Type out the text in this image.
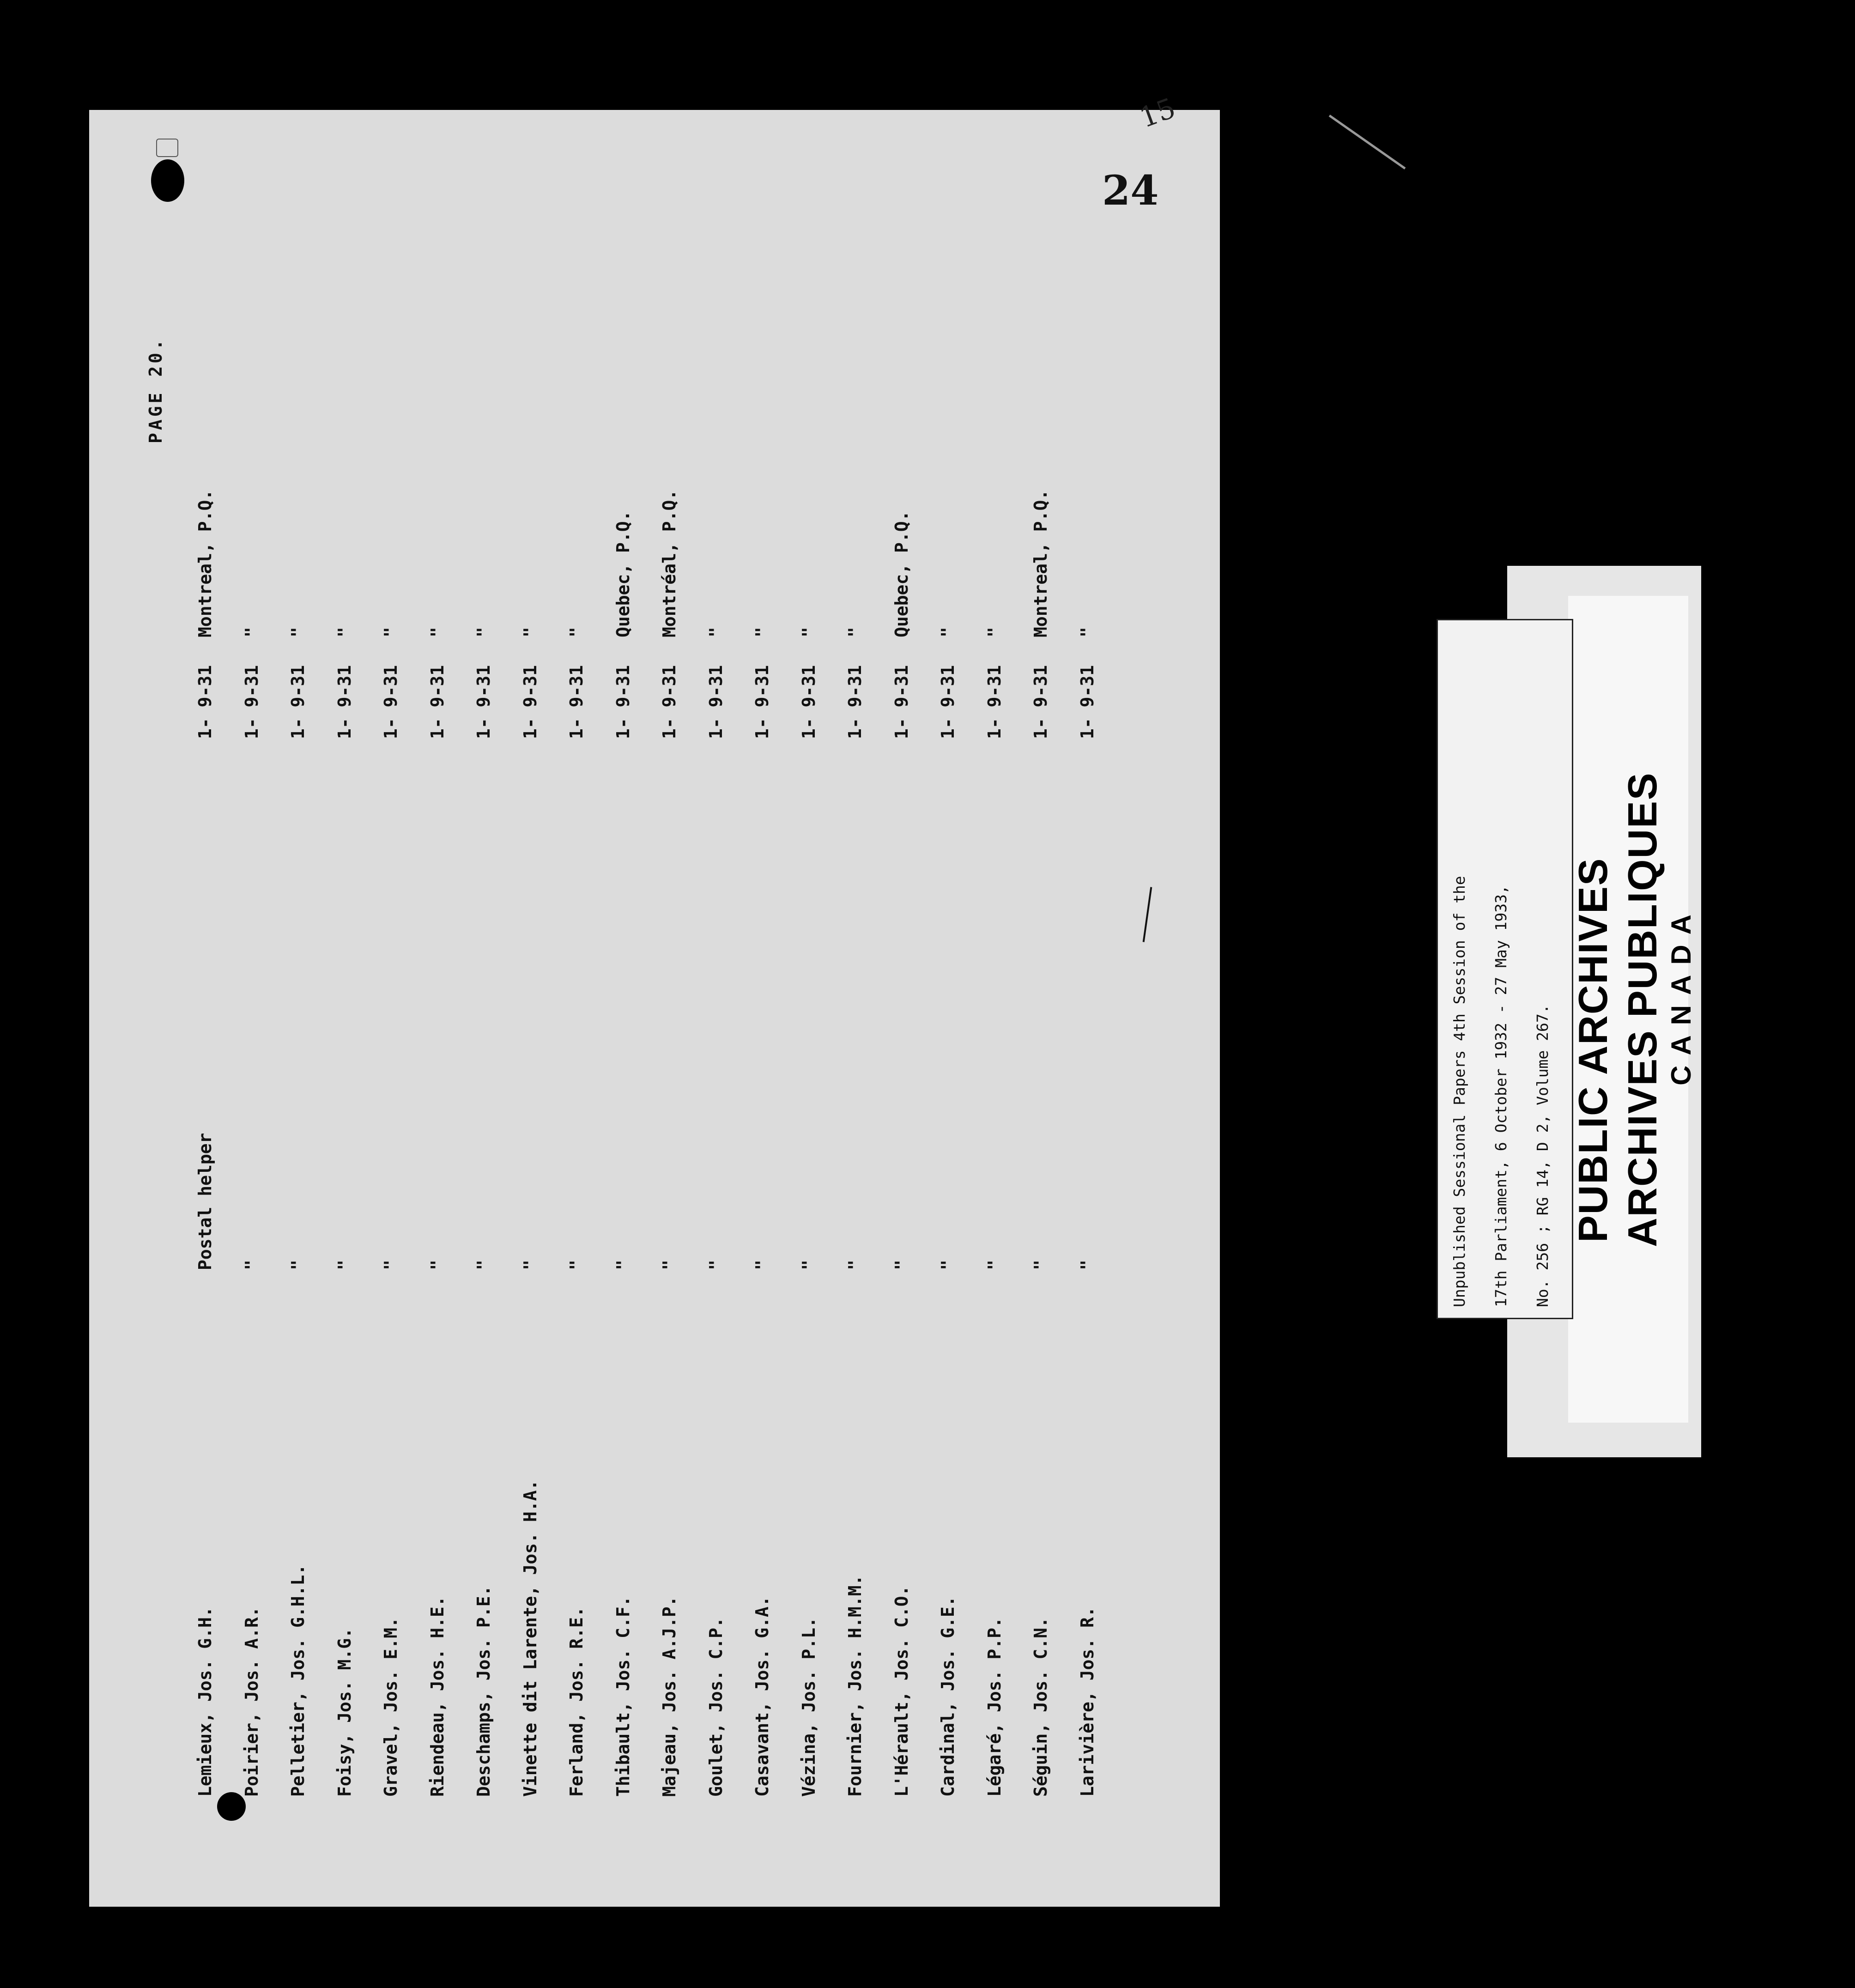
PAGE 20.
24
15
Lemieux, Jos. G.H.
Postal helper
1- 9-31
Montreal, P.Q.
Poirier, Jos. A.R.
"
1- 9-31
"
Pelletier, Jos. G.H.L.
"
1- 9-31
"
Foisy, Jos. M.G.
"
1- 9-31
"
Gravel, Jos. E.M.
"
1- 9-31
"
Riendeau, Jos. H.E.
"
1- 9-31
"
Deschamps, Jos. P.E.
"
1- 9-31
"
Vinette dit Larente, Jos. H.A.
"
1- 9-31
"
Ferland, Jos. R.E.
"
1- 9-31
"
Thibault, Jos. C.F.
"
1- 9-31
Quebec, P.Q.
Majeau, Jos. A.J.P.
"
1- 9-31
Montréal, P.Q.
Goulet, Jos. C.P.
"
1- 9-31
"
Casavant, Jos. G.A.
"
1- 9-31
"
Vézina, Jos. P.L.
"
1- 9-31
"
Fournier, Jos. H.M.M.
"
1- 9-31
"
L'Hérault, Jos. C.O.
"
1- 9-31
Quebec, P.Q.
Cardinal, Jos. G.E.
"
1- 9-31
"
Légaré, Jos. P.P.
"
1- 9-31
"
Séguin, Jos. C.N.
"
1- 9-31
Montreal, P.Q.
Larivière, Jos. R.
"
1- 9-31
"
Unpublished Sessional Papers 4th Session of the 17th Parliament, 6 October 1932 - 27 May 1933, No. 256 ; RG 14, D 2, Volume 267. PUBLIC ARCHIVES ARCHIVES PUBLIQUES CANADA
